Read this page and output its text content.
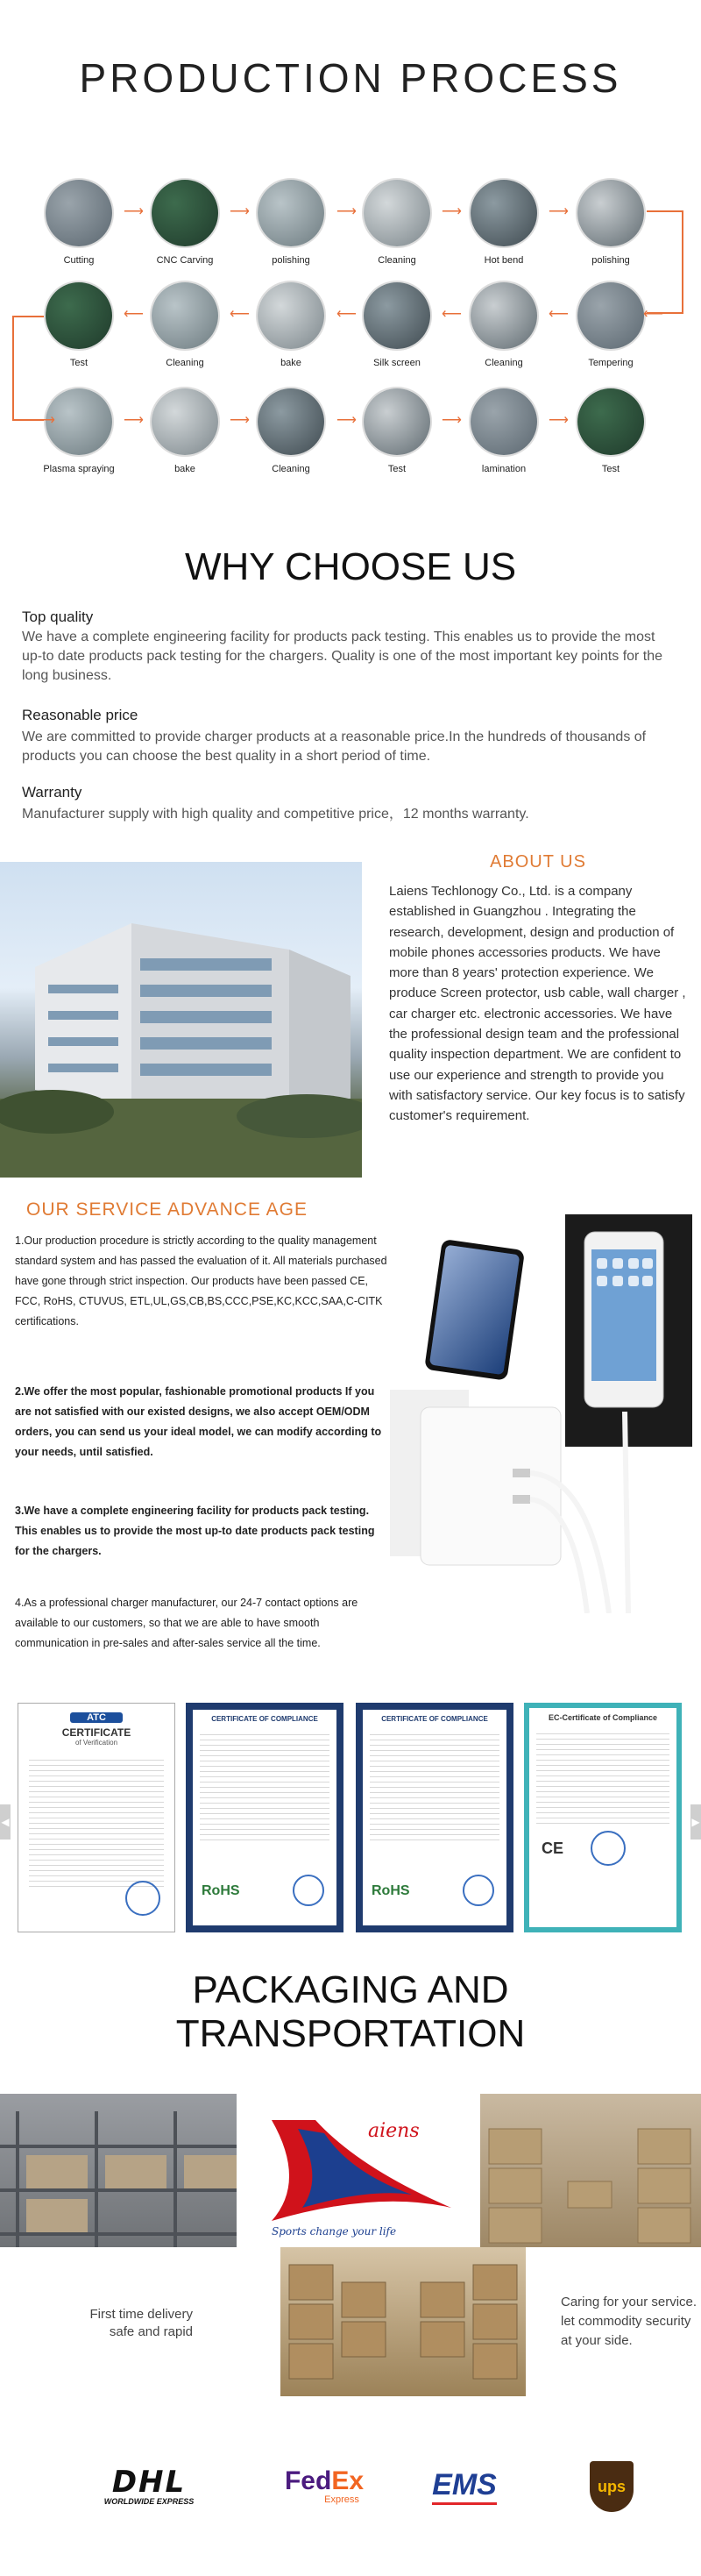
PRODUCTION PROCESS
Cutting	CNC Carving	polishing	Cleaning	Hot bend	polishing
Test	Cleaning	bake	Silk screen	Cleaning	Tempering
Plasma spraying	bake	Cleaning	Test	lamination	Test
⟶	⟶	⟶	⟶	⟶
⟵
⟵	⟵	⟵	⟵	⟵
⟶	⟶	⟶	⟶	⟶	⟶
WHY CHOOSE US
Top quality
We have a complete engineering facility for products pack testing. This enables us to provide the most up-to date products pack testing for the chargers. Quality is one of the most important key points for the long business.
Reasonable price
We are committed to provide charger products at a reasonable price.In the hundreds of thousands of products you can choose the best quality in a short period of time.
Warranty
Manufacturer supply with high quality and competitive price，12 months warranty.
ABOUT US
Laiens Techlonogy Co., Ltd. is a company established in Guangzhou . Integrating the research, development, design and production of mobile phones accessories products. We have more than 8 years' protection experience. We produce Screen protector, usb cable, wall charger , car charger etc. electronic accessories. We have the professional design team and the professional quality inspection department. We are confident to use our experience and strength to provide you with satisfactory service. Our key focus is to satisfy customer's requirement.
OUR SERVICE ADVANCE AGE
1.Our production procedure is strictly according to the quality management standard system and has passed the evaluation of it. All materials purchased have gone through strict inspection. Our products have been passed CE, FCC, RoHS, CTUVUS, ETL,UL,GS,CB,BS,CCC,PSE,KC,KCC,SAA,C-CITK certifications.
2.We offer the most popular, fashionable promotional products If you are not satisfied with our existed designs, we also accept OEM/ODM orders, you can send us your ideal model, we can modify according to your needs, until satisfied.
3.We have a complete engineering facility for products pack testing. This enables us to provide the most up-to date products pack testing for the chargers.
4.As a professional charger manufacturer, our 24-7 contact options are available to our customers, so that we are able to have smooth communication in pre-sales and after-sales service all the time.
◀	▶
ATC
CERTIFICATE
of Verification
CERTIFICATE OF COMPLIANCE
RoHS
CERTIFICATE OF COMPLIANCE
RoHS
EC-Certificate of Compliance
CE
PACKAGING AND
TRANSPORTATION
aiens
Sports change your life
First time delivery
safe and rapid
Caring for your service.
let commodity security
at your side.
DHL
WORLDWIDE EXPRESS
FedEx
Express EMS	ups
